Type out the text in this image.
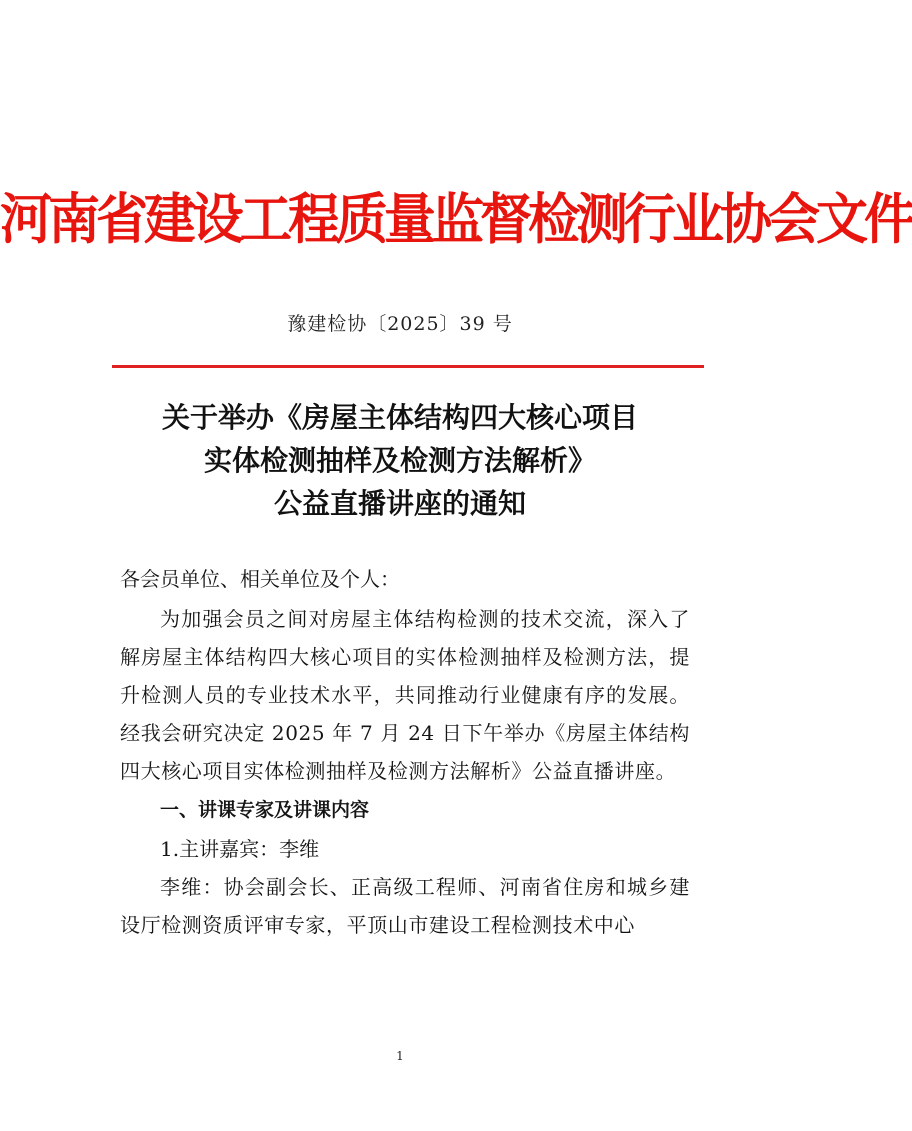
河南省建设工程质量监督检测行业协会文件
豫建检协〔2025〕39 号
关于举办《房屋主体结构四大核心项目
实体检测抽样及检测方法解析》
公益直播讲座的通知
各会员单位、相关单位及个人：
为加强会员之间对房屋主体结构检测的技术交流，深入了解房屋主体结构四大核心项目的实体检测抽样及检测方法，提升检测人员的专业技术水平，共同推动行业健康有序的发展。经我会研究决定 2025 年 7 月 24 日下午举办《房屋主体结构四大核心项目实体检测抽样及检测方法解析》公益直播讲座。
一、讲课专家及讲课内容
1.主讲嘉宾：李维
李维：协会副会长、正高级工程师、河南省住房和城乡建设厅检测资质评审专家，平顶山市建设工程检测技术中心
1
